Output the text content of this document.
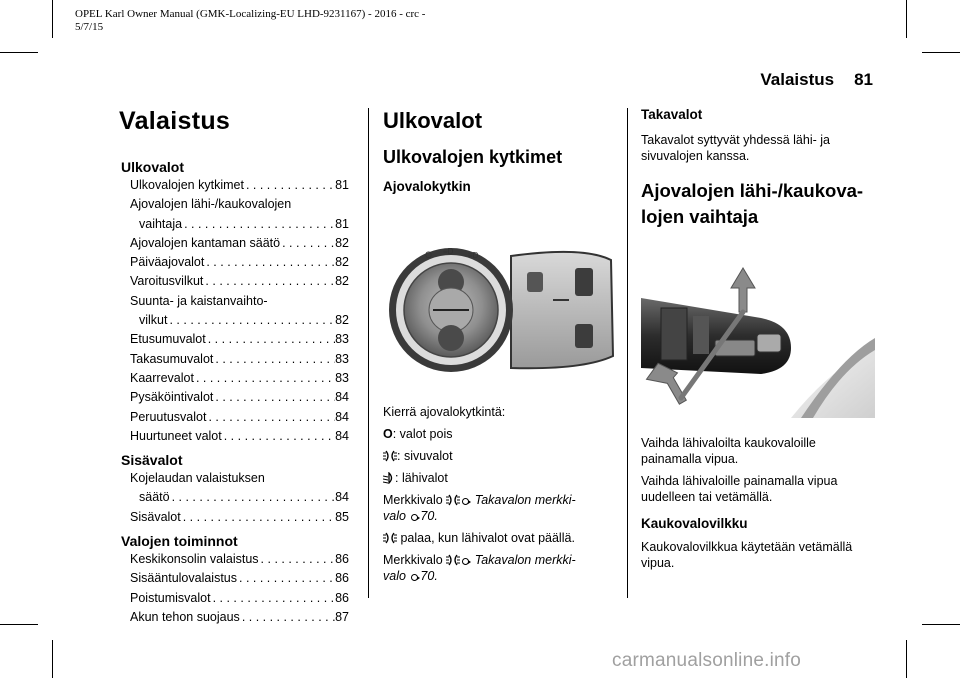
OPEL Karl Owner Manual (GMK-Localizing-EU LHD-9231167) - 2016 - crc -
5/7/15
Valaistus 81
Valaistus
Ulkovalot
Ulkovalojen kytkimet . . .	81
Ajovalojen lähi-/kaukovalojen
vaihtaja . . .	81
Ajovalojen kantaman säätö . . .	82
Päiväajovalot . . .	82
Varoitusvilkut . . .	82
Suunta- ja kaistanvaihto-
vilkut . . .	82
Etusumuvalot . . .	83
Takasumuvalot . . .	83
Kaarrevalot . . .	83
Pysäköintivalot . . .	84
Peruutusvalot . . .	84
Huurtuneet valot . . .	84
Sisävalot
Kojelaudan valaistuksen
säätö . . .	84
Sisävalot . . .	85
Valojen toiminnot
Keskikonsolin valaistus . . .	86
Sisääntulovalaistus . . .	86
Poistumisvalot . . .	86
Akun tehon suojaus . . .	87
Ulkovalot
Ulkovalojen kytkimet
Ajovalokytkin
O ≡D ≡D

Kierrä ajovalokytkintä:

O: valot pois

: sivuvalot

: lähivalot

Merkkivalo	Takavalon merkki-
valo 70.

palaa, kun lähivalot ovat päällä.

Merkkivalo	Takavalon merkki-
valo 70.

Takavalot

Takavalot syttyvät yhdessä lähi- ja sivuvalojen kanssa.

Ajovalojen lähi-/kaukova-
lojen vaihtaja

Vaihda lähivaloilta kaukovaloille painamalla vipua.

Vaihda lähivaloille painamalla vipua uudelleen tai vetämällä.

Kaukovalovilkku

Kaukovalovilkkua käytetään vetämällä vipua.

carmanualsonline.info
